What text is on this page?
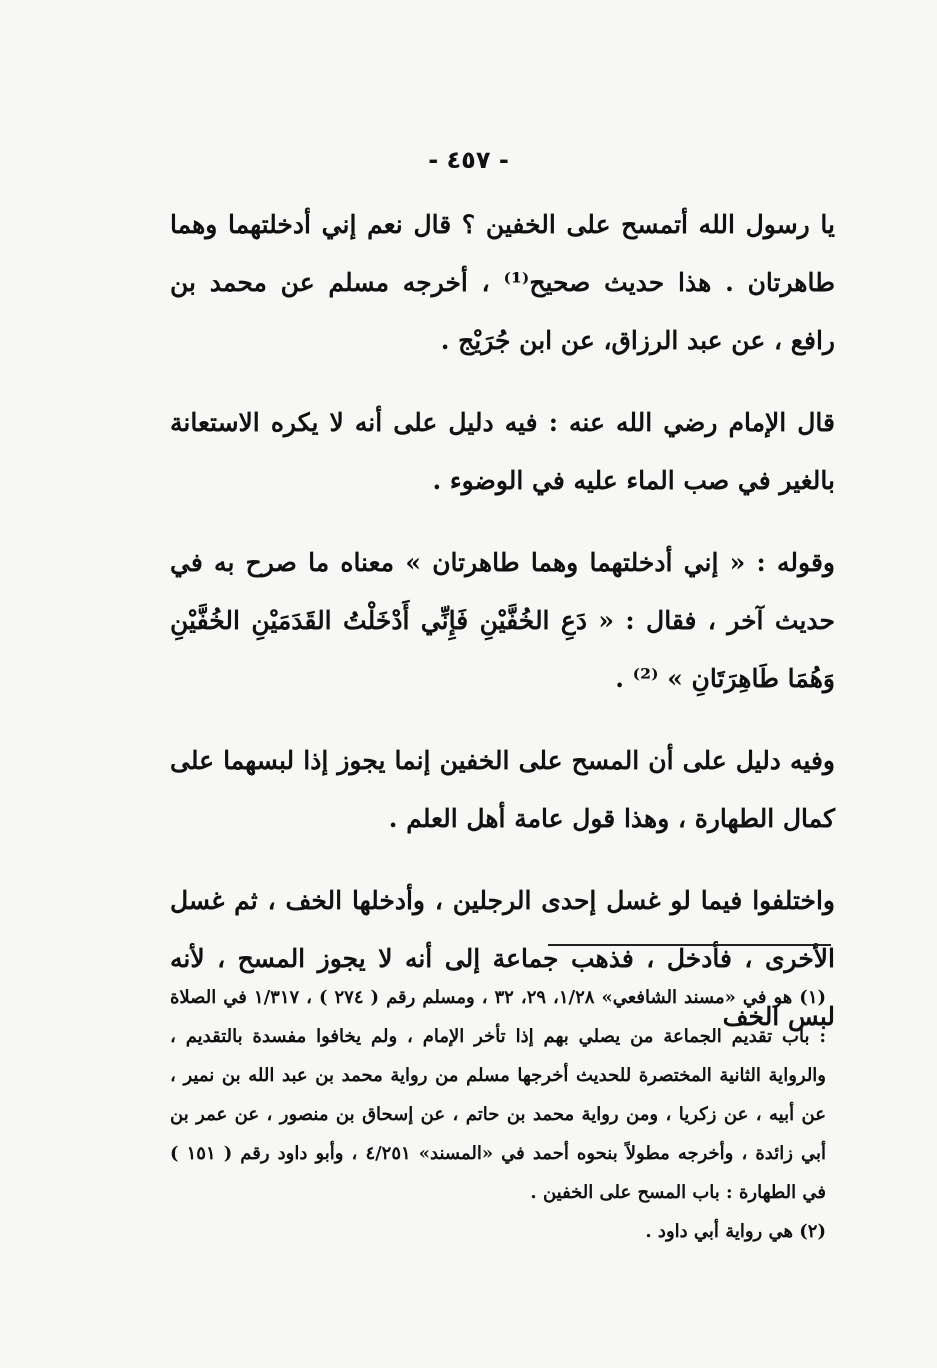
- ٤٥٧ -

يا رسول الله أتمسح على الخفين ؟ قال نعم إني أدخلتهما وهما طاهرتان . هذا حديث صحيح⁽¹⁾ ، أخرجه مسلم عن محمد بن رافع ، عن عبد الرزاق، عن ابن جُرَيْج .

قال الإمام رضي الله عنه : فيه دليل على أنه لا يكره الاستعانة بالغير في صب الماء عليه في الوضوء .

وقوله : « إني أدخلتهما وهما طاهرتان » معناه ما صرح به في حديث آخر ، فقال : « دَعِ الخُفَّيْنِ فَإِنِّي أَدْخَلْتُ القَدَمَيْنِ الخُفَّيْنِ وَهُمَا طَاهِرَتَانِ » ⁽²⁾ .

وفيه دليل على أن المسح على الخفين إنما يجوز إذا لبسهما على كمال الطهارة ، وهذا قول عامة أهل العلم .

واختلفوا فيما لو غسل إحدى الرجلين ، وأدخلها الخف ، ثم غسل الأخرى ، فأدخل ، فذهب جماعة إلى أنه لا يجوز المسح ، لأنه لبس الخف

(١) هو في «مسند الشافعي» ١/٢٨، ٢٩، ٣٢ ، ومسلم رقم ( ٢٧٤ ) ، ١/٣١٧ في الصلاة : باب تقديم الجماعة من يصلي بهم إذا تأخر الإمام ، ولم يخافوا مفسدة بالتقديم ، والرواية الثانية المختصرة للحديث أخرجها مسلم من رواية محمد بن عبد الله بن نمير ، عن أبيه ، عن زكريا ، ومن رواية محمد بن حاتم ، عن إسحاق بن منصور ، عن عمر بن أبي زائدة ، وأخرجه مطولاً بنحوه أحمد في «المسند» ٤/٢٥١ ، وأبو داود رقم ( ١٥١ ) في الطهارة : باب المسح على الخفين .

(٢) هي رواية أبي داود .
